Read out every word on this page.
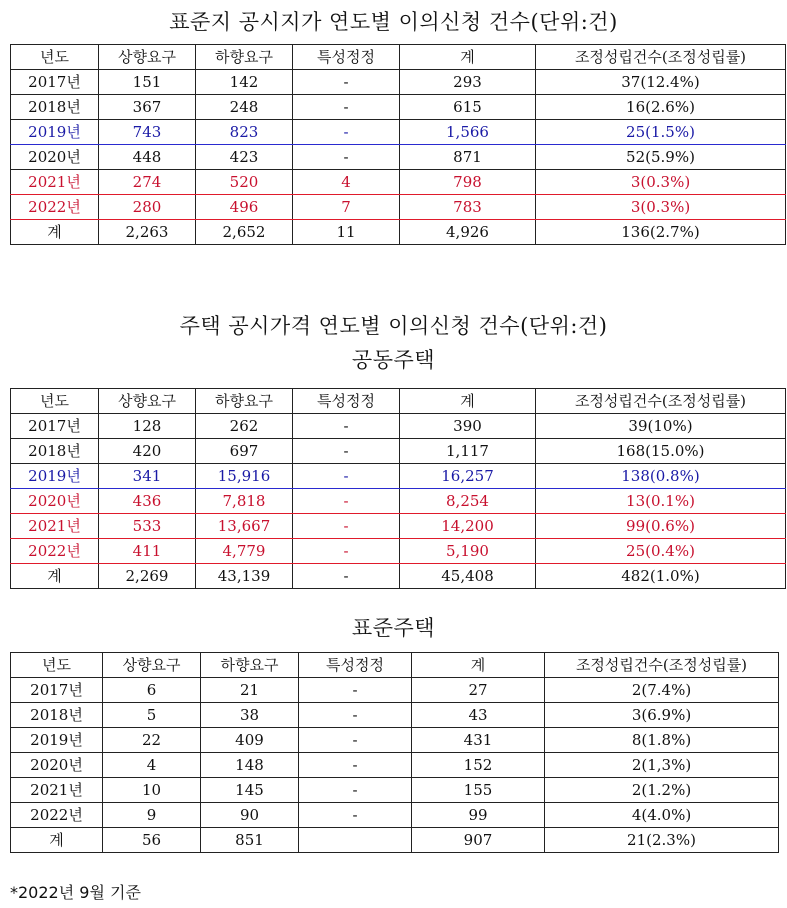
표준지 공시지가 연도별 이의신청 건수(단위:건)
년도	상향요구	하향요구	특성정정	계	조정성립건수(조정성립률)
2017년	151	142	-	293	37(12.4%)
2018년	367	248	-	615	16(2.6%)
2019년	743	823	-	1,566	25(1.5%)
2020년	448	423	-	871	52(5.9%)
2021년	274	520	4	798	3(0.3%)
2022년	280	496	7	783	3(0.3%)
계	2,263	2,652	11	4,926	136(2.7%)
주택 공시가격 연도별 이의신청 건수(단위:건)
공동주택
년도	상향요구	하향요구	특성정정	계	조정성립건수(조정성립률)
2017년	128	262	-	390	39(10%)
2018년	420	697	-	1,117	168(15.0%)
2019년	341	15,916	-	16,257	138(0.8%)
2020년	436	7,818	-	8,254	13(0.1%)
2021년	533	13,667	-	14,200	99(0.6%)
2022년	411	4,779	-	5,190	25(0.4%)
계	2,269	43,139	-	45,408	482(1.0%)
표준주택
년도	상향요구	하향요구	특성정정	계	조정성립건수(조정성립률)
2017년	6	21	-	27	2(7.4%)
2018년	5	38	-	43	3(6.9%)
2019년	22	409	-	431	8(1.8%)
2020년	4	148	-	152	2(1,3%)
2021년	10	145	-	155	2(1.2%)
2022년	9	90	-	99	4(4.0%)
계	56	851		907	21(2.3%)
*2022년 9월 기준
